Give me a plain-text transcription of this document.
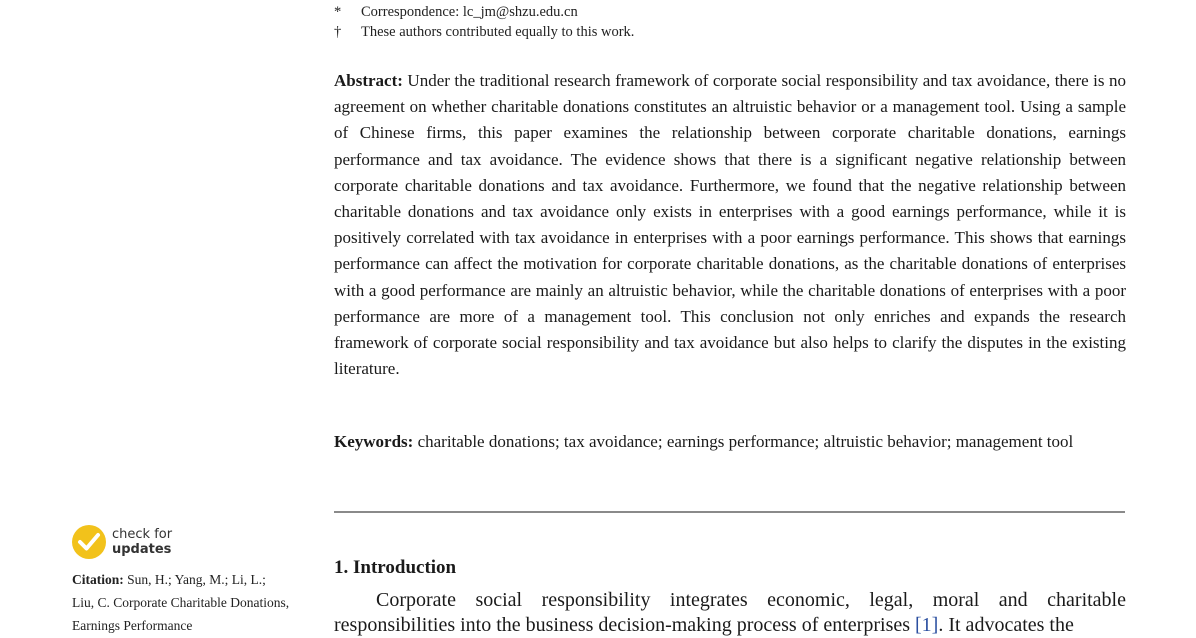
* Correspondence: lc_jm@shzu.edu.cn
† These authors contributed equally to this work.
Abstract: Under the traditional research framework of corporate social responsibility and tax avoidance, there is no agreement on whether charitable donations constitutes an altruistic behavior or a management tool. Using a sample of Chinese firms, this paper examines the relationship between corporate charitable donations, earnings performance and tax avoidance. The evidence shows that there is a significant negative relationship between corporate charitable donations and tax avoidance. Furthermore, we found that the negative relationship between charitable donations and tax avoidance only exists in enterprises with a good earnings performance, while it is positively correlated with tax avoidance in enterprises with a poor earnings performance. This shows that earnings performance can affect the motivation for corporate charitable donations, as the charitable donations of enterprises with a good performance are mainly an altruistic behavior, while the charitable donations of enterprises with a poor performance are more of a management tool. This conclusion not only enriches and expands the research framework of corporate social responsibility and tax avoidance but also helps to clarify the disputes in the existing literature.
Keywords: charitable donations; tax avoidance; earnings performance; altruistic behavior; management tool
1. Introduction
Corporate social responsibility integrates economic, legal, moral and charitable responsibilities into the business decision-making process of enterprises [1]. It advocates the
check for
updates
Citation: Sun, H.; Yang, M.; Li, L.; Liu, C. Corporate Charitable Donations, Earnings Performance
